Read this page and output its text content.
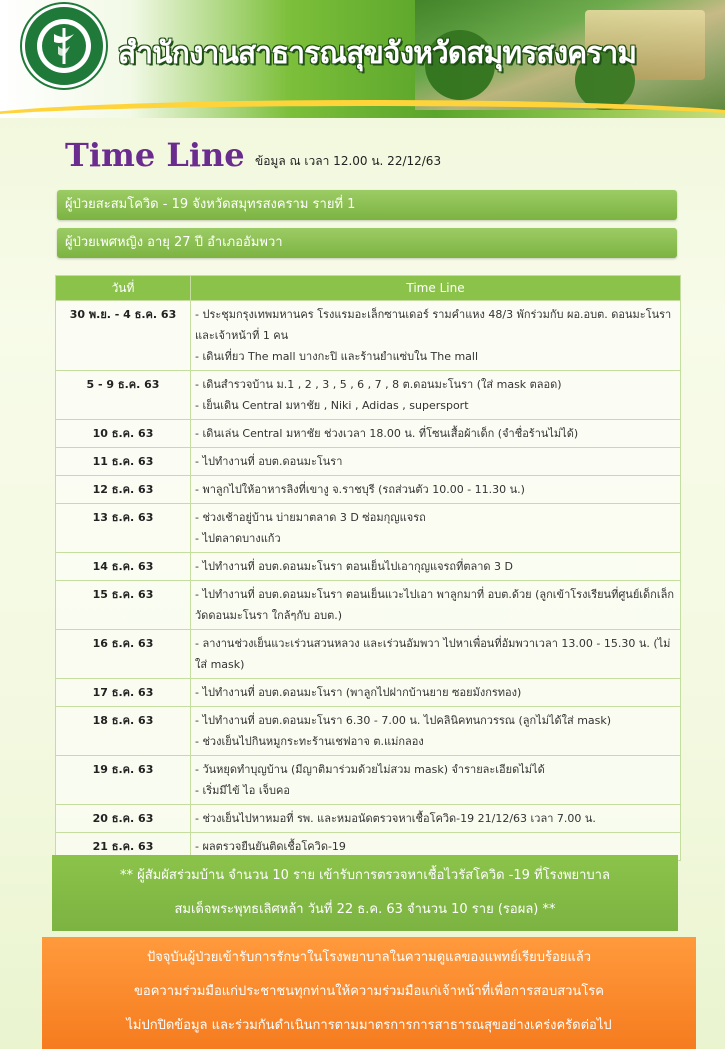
สำนักงานสาธารณสุขจังหวัดสมุทรสงคราม
Time Line ข้อมูล ณ เวลา 12.00 น. 22/12/63
ผู้ป่วยสะสมโควิด - 19 จังหวัดสมุทรสงคราม รายที่ 1
ผู้ป่วยเพศหญิง อายุ 27 ปี อำเภออัมพวา
วันที่	Time Line
30 พ.ย. - 4 ธ.ค. 63	- ประชุมกรุงเทพมหานคร โรงแรมอะเล็กซานเดอร์ รามคำแหง 48/3 พักร่วมกับ ผอ.อบต. ดอนมะโนรา และเจ้าหน้าที่ 1 คน
- เดินเที่ยว The mall บางกะปิ และร้านยำแซ่บใน The mall

5 - 9 ธ.ค. 63	- เดินสำรวจบ้าน ม.1 , 2 , 3 , 5 , 6 , 7 , 8 ต.ดอนมะโนรา (ใส่ mask ตลอด)
- เย็นเดิน Central มหาชัย , Niki , Adidas , supersport

10 ธ.ค. 63	- เดินเล่น Central มหาชัย ช่วงเวลา 18.00 น. ที่โซนเสื้อผ้าเด็ก (จำชื่อร้านไม่ได้)

11 ธ.ค. 63	- ไปทำงานที่ อบต.ดอนมะโนรา

12 ธ.ค. 63	- พาลูกไปให้อาหารลิงที่เขางู จ.ราชบุรี (รถส่วนตัว 10.00 - 11.30 น.)

13 ธ.ค. 63	- ช่วงเช้าอยู่บ้าน บ่ายมาตลาด 3 D ซ่อมกุญแจรถ
- ไปตลาดบางแก้ว

14 ธ.ค. 63	- ไปทำงานที่ อบต.ดอนมะโนรา ตอนเย็นไปเอากุญแจรถที่ตลาด 3 D

15 ธ.ค. 63	- ไปทำงานที่ อบต.ดอนมะโนรา ตอนเย็นแวะไปเอา พาลูกมาที่ อบต.ด้วย (ลูกเข้าโรงเรียนที่ศูนย์เด็กเล็กวัดดอนมะโนรา ใกล้ๆกับ อบต.)

16 ธ.ค. 63	- ลางานช่วงเย็นแวะเร่วนสวนหลวง และเร่วนอัมพวา ไปหาเพื่อนที่อัมพวาเวลา 13.00 - 15.30 น. (ไม่ใส่ mask)

17 ธ.ค. 63	- ไปทำงานที่ อบต.ดอนมะโนรา (พาลูกไปฝากบ้านยาย ซอยมังกรทอง)

18 ธ.ค. 63	- ไปทำงานที่ อบต.ดอนมะโนรา 6.30 - 7.00 น. ไปคลินิคทนกวรรณ (ลูกไม่ได้ใส่ mask)
- ช่วงเย็นไปกินหมูกระทะร้านเชฟอาจ ต.แม่กลอง

19 ธ.ค. 63	- วันหยุดทำบุญบ้าน (มีญาติมาร่วมด้วยไม่สวม mask) จำรายละเอียดไม่ได้
- เริ่มมีไข้ ไอ เจ็บคอ

20 ธ.ค. 63	- ช่วงเย็นไปหาหมอที่ รพ. และหมอนัดตรวจหาเชื้อโควิด-19 21/12/63 เวลา 7.00 น.

21 ธ.ค. 63	- ผลตรวจยืนยันติดเชื้อโควิด-19
** ผู้สัมผัสร่วมบ้าน จำนวน 10 ราย เข้ารับการตรวจหาเชื้อไวรัสโควิด -19 ที่โรงพยาบาล
สมเด็จพระพุทธเลิศหล้า วันที่ 22 ธ.ค. 63 จำนวน 10 ราย (รอผล) **
ปัจจุบันผู้ป่วยเข้ารับการรักษาในโรงพยาบาลในความดูแลของแพทย์เรียบร้อยแล้ว
ขอความร่วมมือแก่ประชาชนทุกท่านให้ความร่วมมือแก่เจ้าหน้าที่เพื่อการสอบสวนโรค
ไม่ปกปิดข้อมูล และร่วมกันดำเนินการตามมาตรการการสาธารณสุขอย่างเคร่งครัดต่อไป
